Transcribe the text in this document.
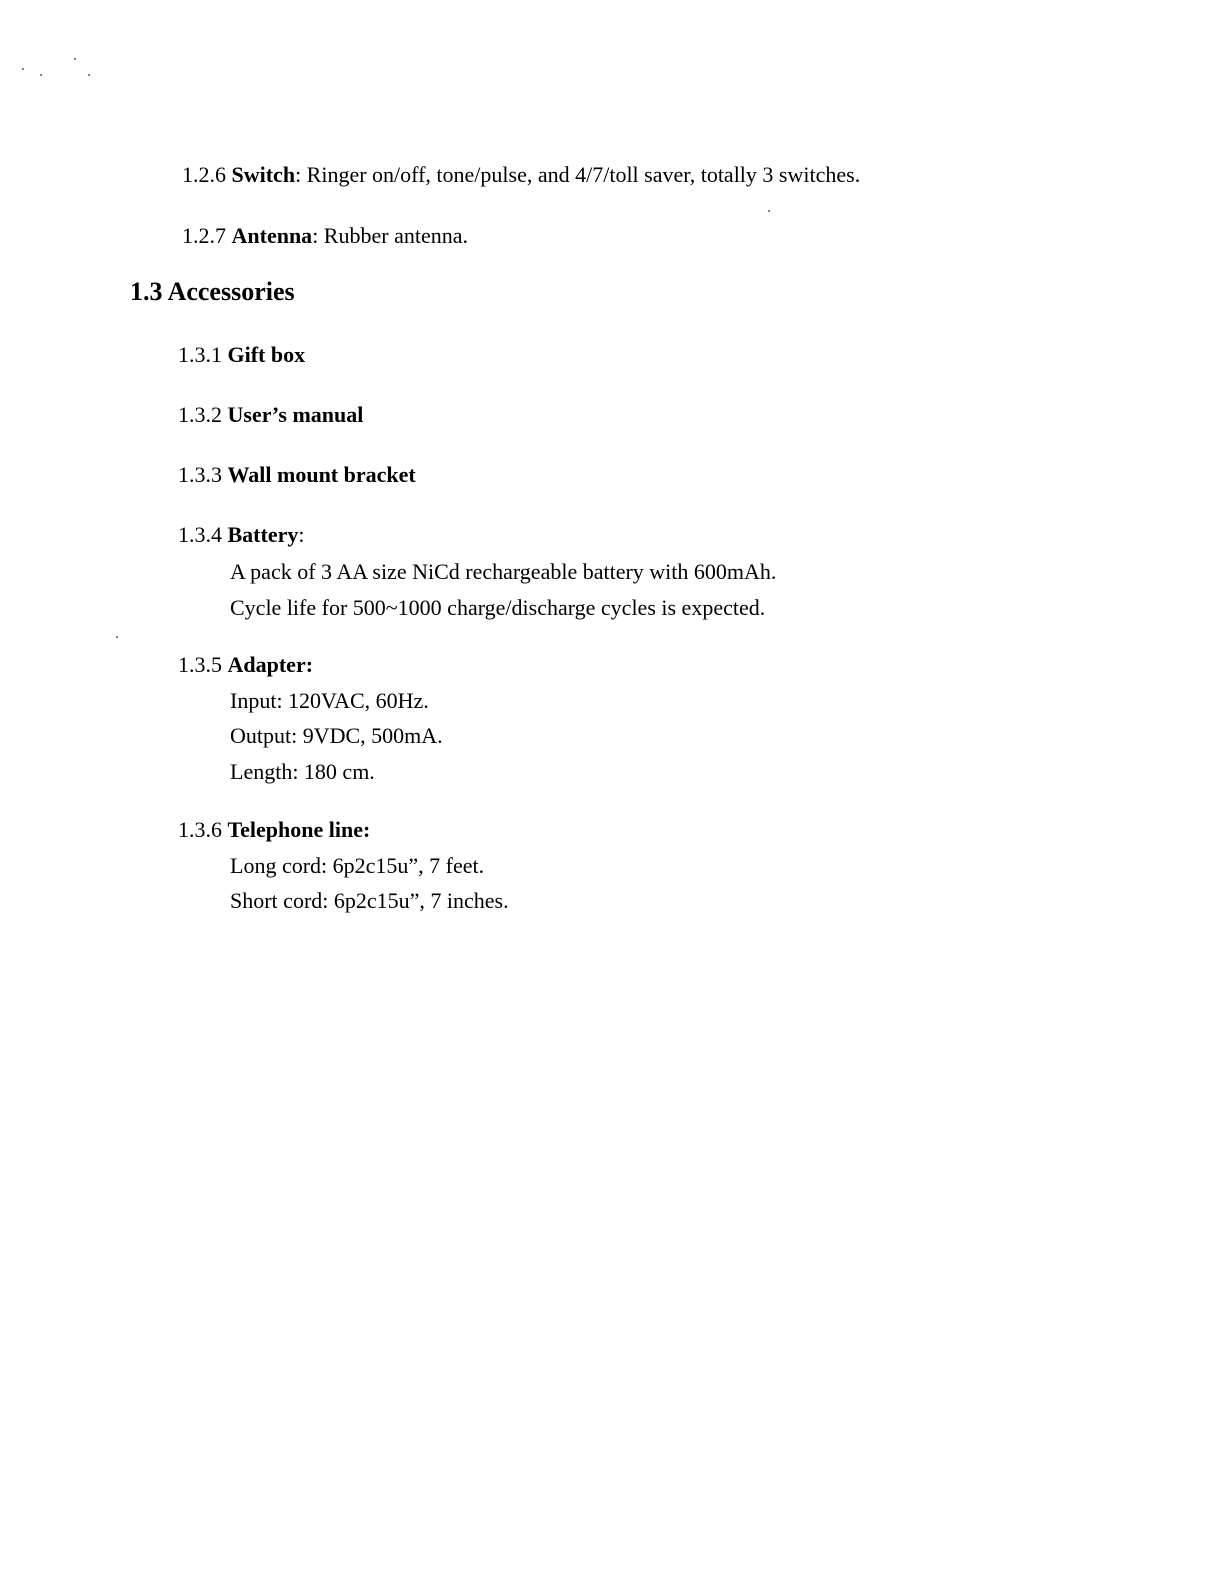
1.2.6 Switch: Ringer on/off, tone/pulse, and 4/7/toll saver, totally 3 switches.
1.2.7 Antenna: Rubber antenna.
1.3 Accessories
1.3.1 Gift box
1.3.2 User’s manual
1.3.3 Wall mount bracket
1.3.4 Battery:
A pack of 3 AA size NiCd rechargeable battery with 600mAh.
Cycle life for 500~1000 charge/discharge cycles is expected.
1.3.5 Adapter:
Input: 120VAC, 60Hz.
Output: 9VDC, 500mA.
Length: 180 cm.
1.3.6 Telephone line:
Long cord: 6p2c15u”, 7 feet.
Short cord: 6p2c15u”, 7 inches.
